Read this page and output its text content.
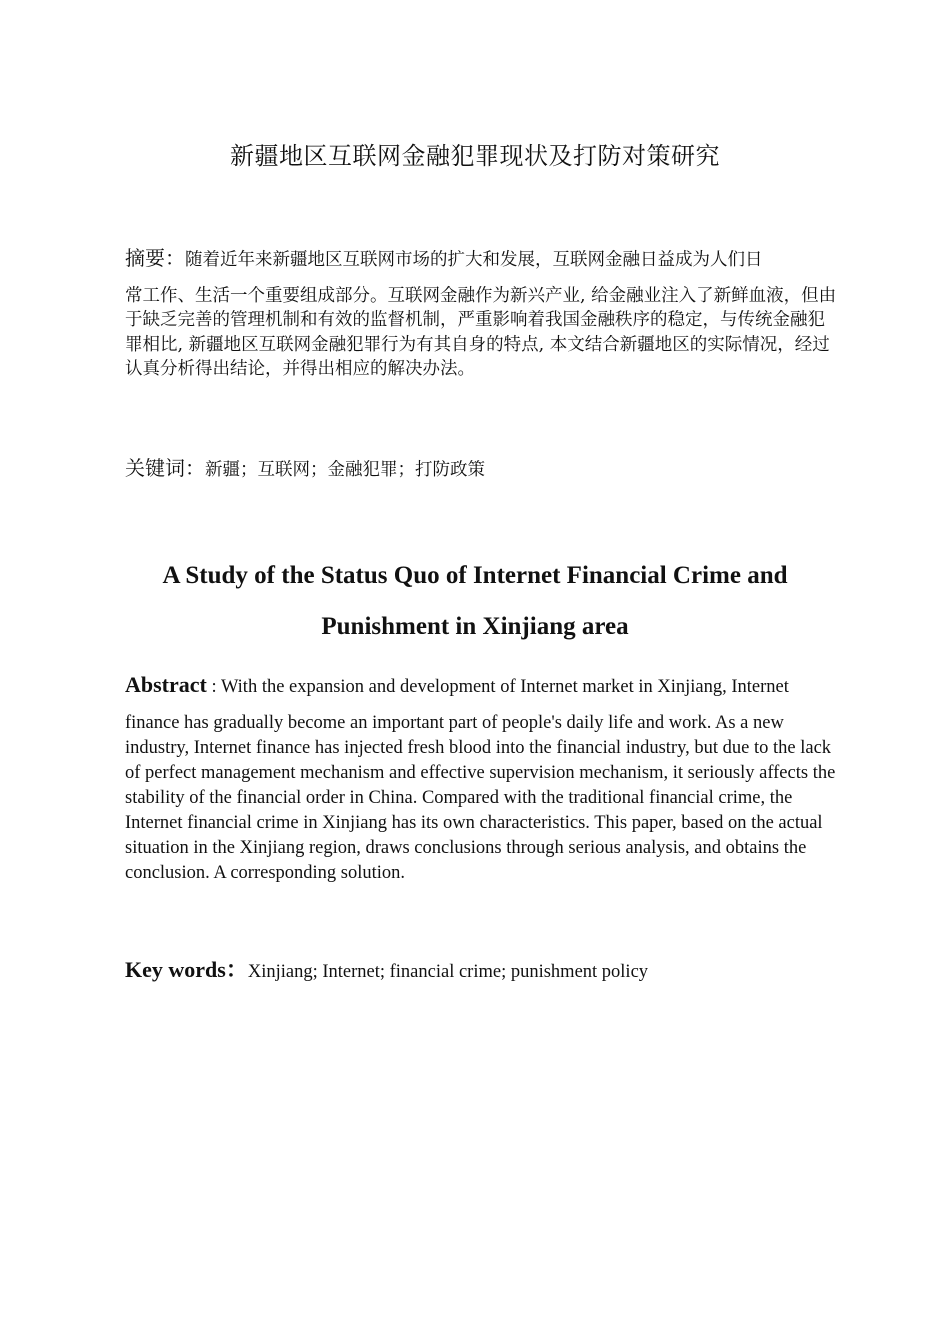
新疆地区互联网金融犯罪现状及打防对策研究
摘要：随着近年来新疆地区互联网市场的扩大和发展，互联网金融日益成为人们日
常工作、生活一个重要组成部分。互联网金融作为新兴产业, 给金融业注入了新鲜血液，但由于缺乏完善的管理机制和有效的监督机制，严重影响着我国金融秩序的稳定，与传统金融犯罪相比, 新疆地区互联网金融犯罪行为有其自身的特点, 本文结合新疆地区的实际情况，经过认真分析得出结论，并得出相应的解决办法。
关键词：新疆；互联网；金融犯罪；打防政策
A Study of the Status Quo of Internet Financial Crime and
Punishment in Xinjiang area
Abstract : With the expansion and development of Internet market in Xinjiang, Internet
finance has gradually become an important part of people's daily life and work. As a new industry, Internet finance has injected fresh blood into the financial industry, but due to the lack of perfect management mechanism and effective supervision mechanism, it seriously affects the stability of the financial order in China. Compared with the traditional financial crime, the Internet financial crime in Xinjiang has its own characteristics. This paper, based on the actual situation in the Xinjiang region, draws conclusions through serious analysis, and obtains the conclusion. A corresponding solution.
Key words：Xinjiang; Internet; financial crime; punishment policy
